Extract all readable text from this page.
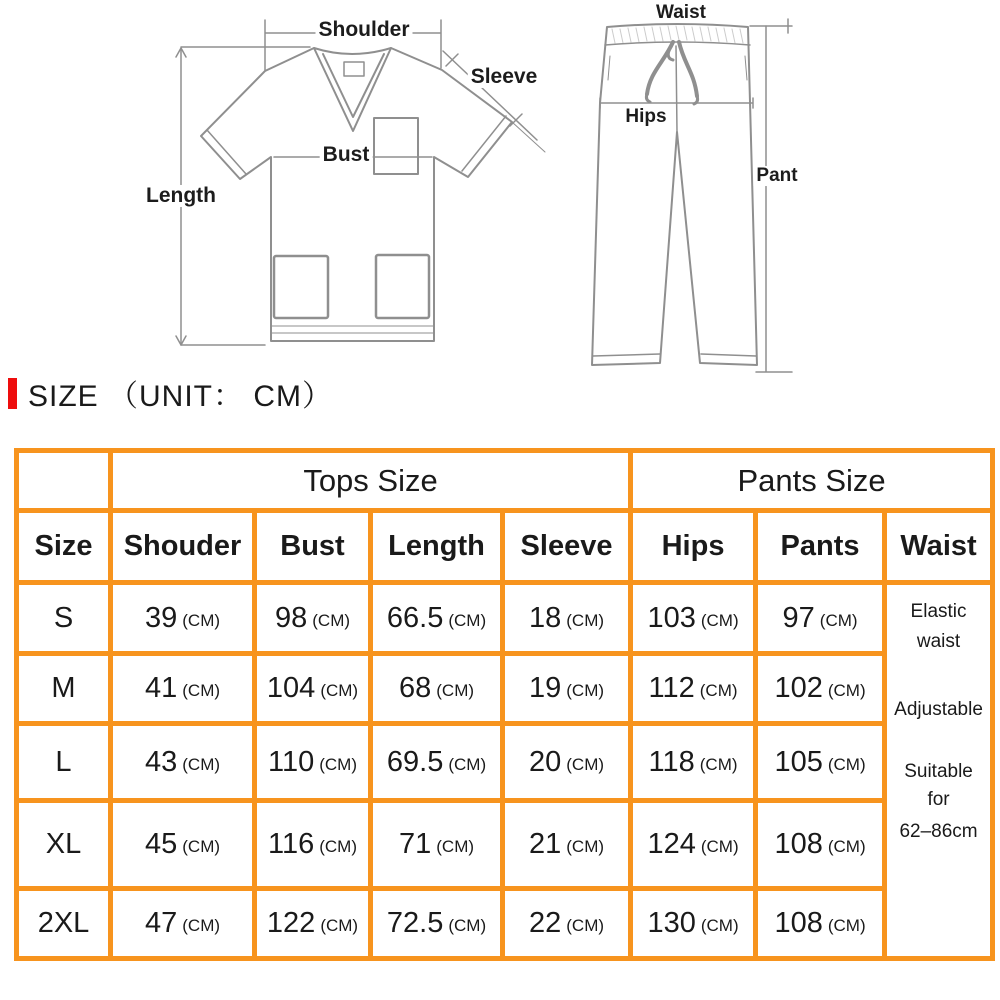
Shoulder
Sleeve
Bust
Length
Waist
Hips
Pant
SIZE （UNIT： CM）
	Tops Size				Pants Size		
Size	Shouder	Bust	Length	Sleeve	Hips	Pants	Waist
S	39 (CM)	98 (CM)	66.5 (CM)	18 (CM)	103 (CM)	97 (CM)	Elastic
waist
Adjustable
Suitable
for
62–86cm

M	41 (CM)	104 (CM)	68 (CM)	19 (CM)	112 (CM)	102 (CM)	
L	43 (CM)	110 (CM)	69.5 (CM)	20 (CM)	118 (CM)	105 (CM)	
XL	45 (CM)	116 (CM)	71 (CM)	21 (CM)	124 (CM)	108 (CM)	
2XL	47 (CM)	122 (CM)	72.5 (CM)	22 (CM)	130 (CM)	108 (CM)	
